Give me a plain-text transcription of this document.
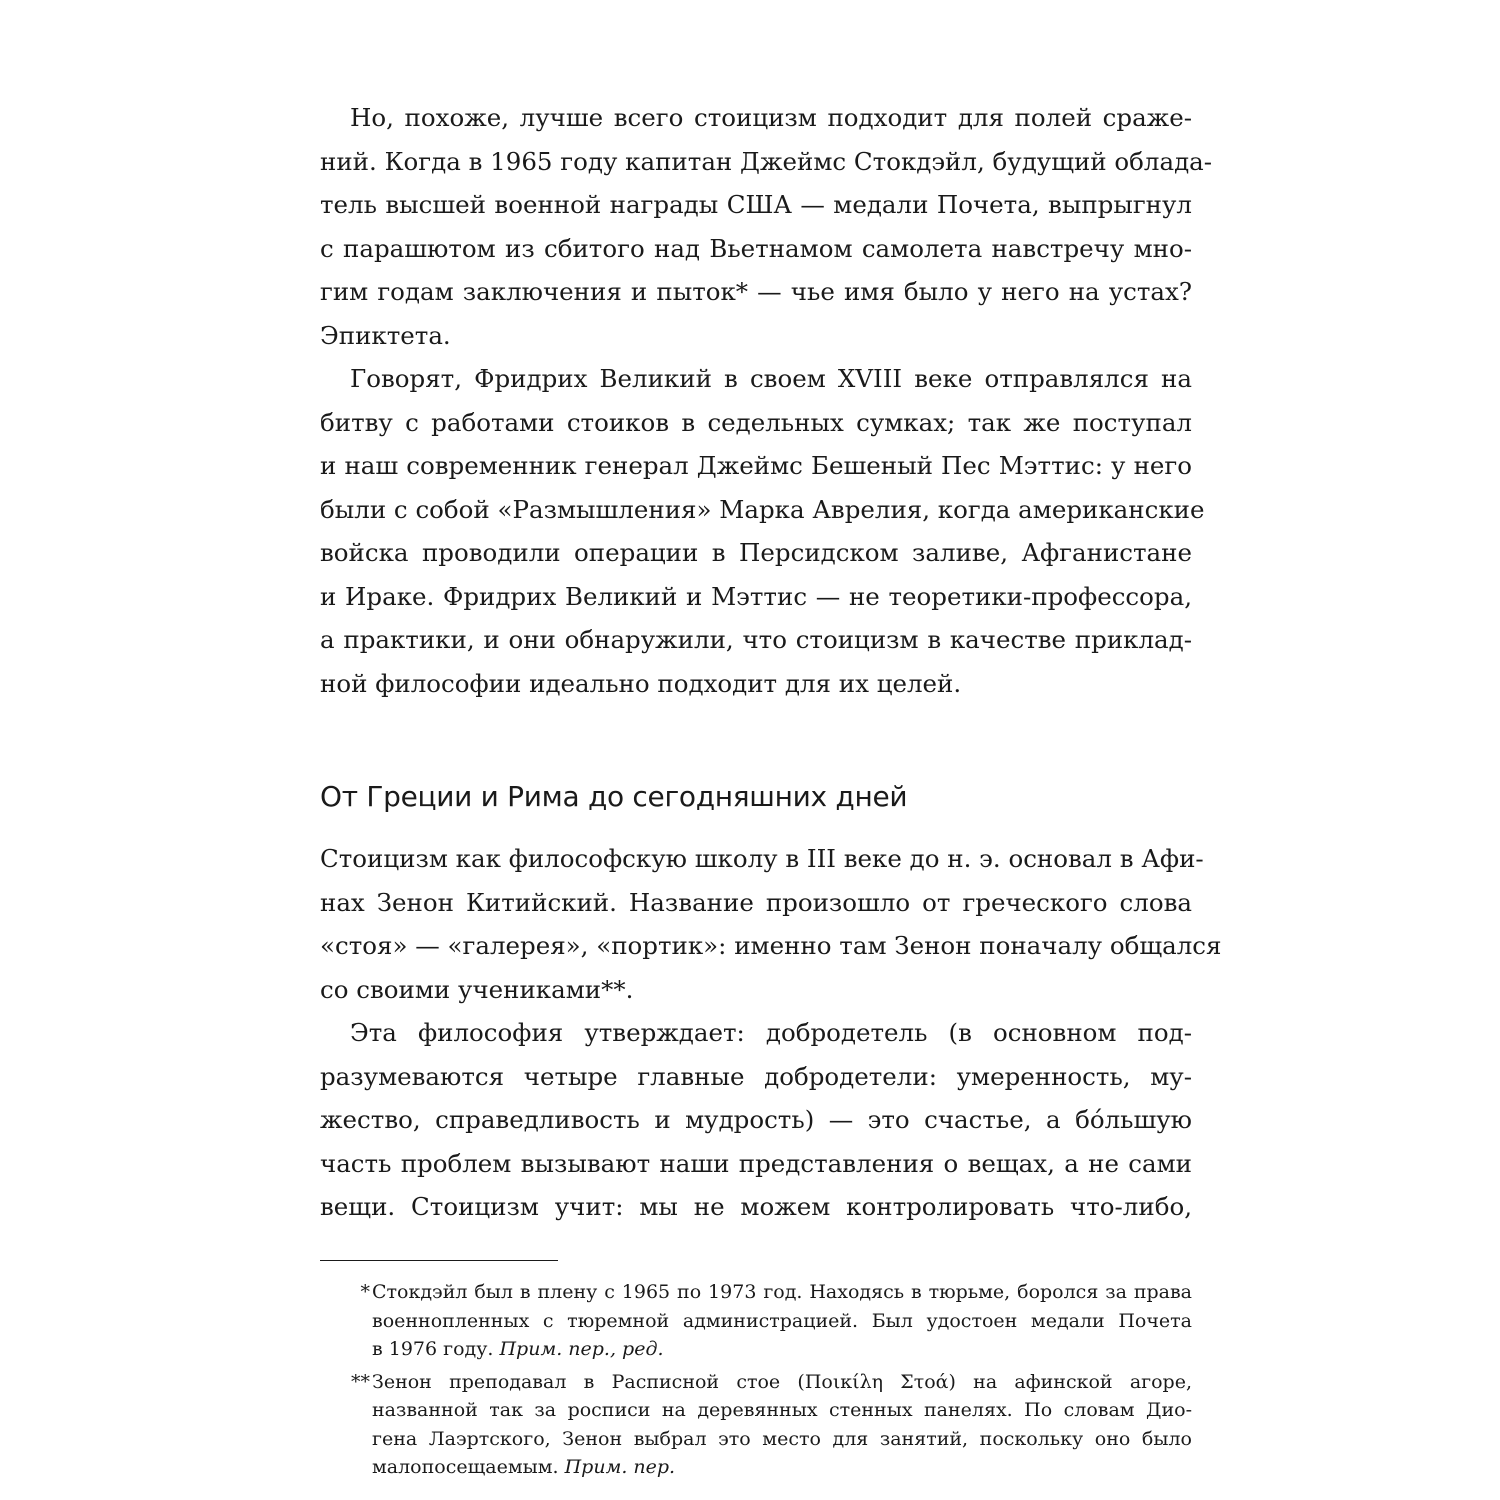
Но, похоже, лучше всего стоицизм подходит для полей сраже-
ний. Когда в 1965 году капитан Джеймс Стокдэйл, будущий облада-
тель высшей военной награды США — медали Почета, выпрыгнул
с парашютом из сбитого над Вьетнамом самолета навстречу мно-
гим годам заключения и пыток* — чье имя было у него на устах?
Эпиктета.
Говорят, Фридрих Великий в своем XVIII веке отправлялся на
битву с работами стоиков в седельных сумках; так же поступал
и наш современник генерал Джеймс Бешеный Пес Мэттис: у него
были с собой «Размышления» Марка Аврелия, когда американские
войска проводили операции в Персидском заливе, Афганистане
и Ираке. Фридрих Великий и Мэттис — не теоретики-профессора,
а практики, и они обнаружили, что стоицизм в качестве приклад-
ной философии идеально подходит для их целей.
От Греции и Рима до сегодняшних дней
Стоицизм как философскую школу в III веке до н. э. основал в Афи-
нах Зенон Китийский. Название произошло от греческого слова
«стоя» — «галерея», «портик»: именно там Зенон поначалу общался
со своими учениками**.
Эта философия утверждает: добродетель (в основном под-
разумеваются четыре главные добродетели: умеренность, му-
жество, справедливость и мудрость) — это счастье, а бóльшую
часть проблем вызывают наши представления о вещах, а не сами
вещи. Стоицизм учит: мы не можем контролировать что-либо,
* Стокдэйл был в плену с 1965 по 1973 год. Находясь в тюрьме, боролся за права
военнопленных с тюремной администрацией. Был удостоен медали Почета
в 1976 году. Прим. пер., ред.
** Зенон преподавал в Расписной стое (Ποικίλη Στοά) на афинской агоре,
названной так за росписи на деревянных стенных панелях. По словам Дио-
гена Лаэртского, Зенон выбрал это место для занятий, поскольку оно было
малопосещаемым. Прим. пер.
